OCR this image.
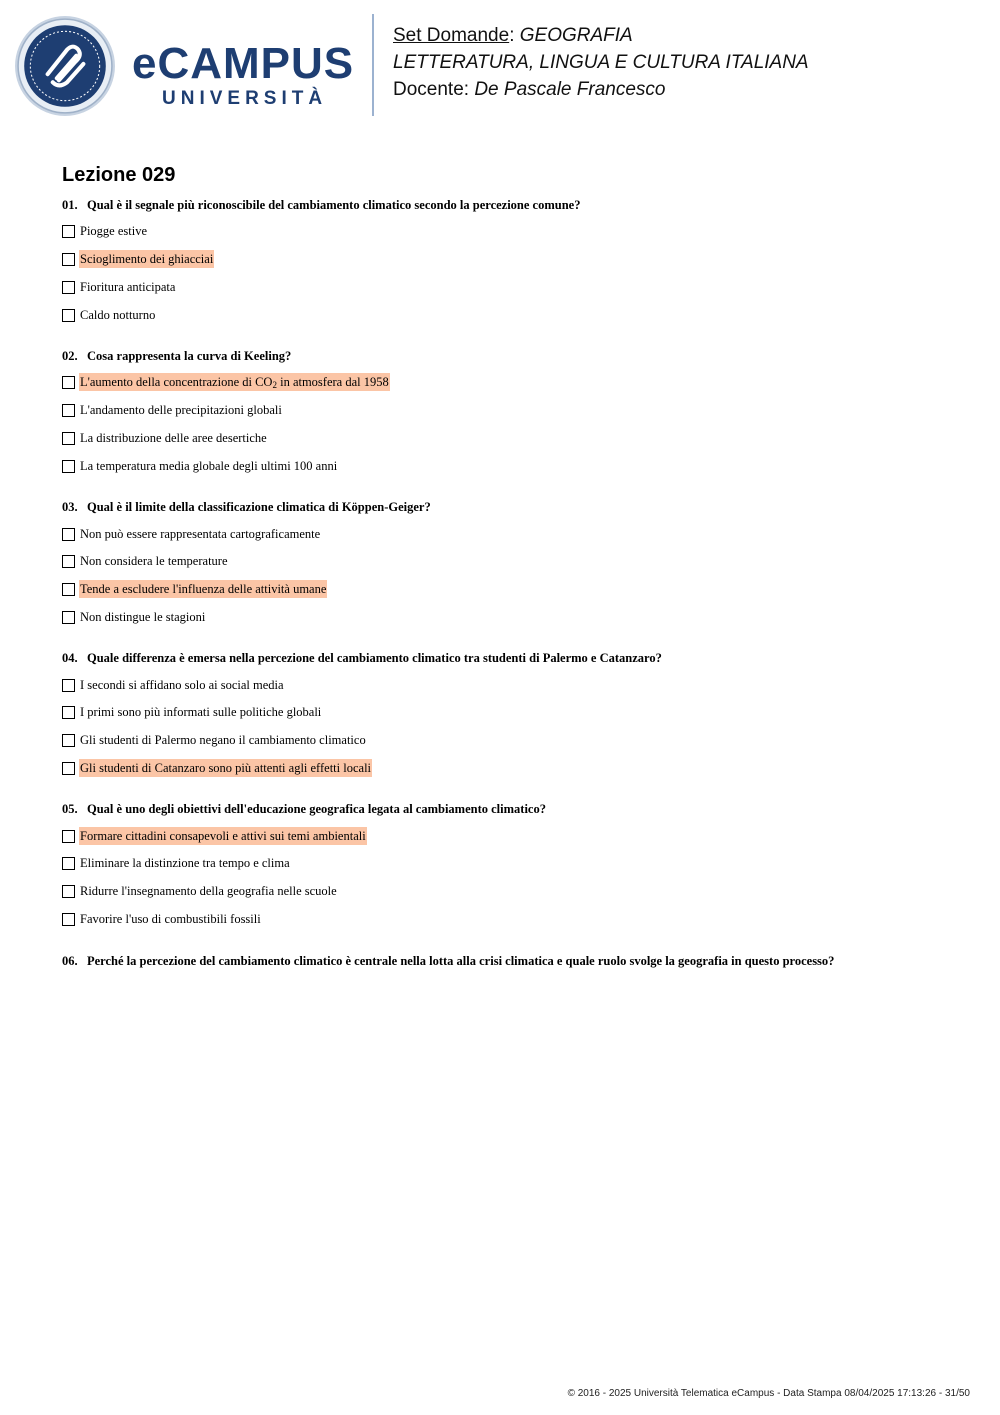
eCAMPUS
UNIVERSITÀ
Set Domande: GEOGRAFIA
LETTERATURA, LINGUA E CULTURA ITALIANA
Docente: De Pascale Francesco
Lezione 029
01. Qual è il segnale più riconoscibile del cambiamento climatico secondo la percezione comune?
Piogge estive
Scioglimento dei ghiacciai
Fioritura anticipata
Caldo notturno
02. Cosa rappresenta la curva di Keeling?
L'aumento della concentrazione di $CO_2$ in atmosfera dal 1958
L'andamento delle precipitazioni globali
La distribuzione delle aree desertiche
La temperatura media globale degli ultimi 100 anni
03. Qual è il limite della classificazione climatica di Köppen-Geiger?
Non può essere rappresentata cartograficamente
Non considera le temperature
Tende a escludere l'influenza delle attività umane
Non distingue le stagioni
04. Quale differenza è emersa nella percezione del cambiamento climatico tra studenti di Palermo e Catanzaro?
I secondi si affidano solo ai social media
I primi sono più informati sulle politiche globali
Gli studenti di Palermo negano il cambiamento climatico
Gli studenti di Catanzaro sono più attenti agli effetti locali
05. Qual è uno degli obiettivi dell'educazione geografica legata al cambiamento climatico?
Formare cittadini consapevoli e attivi sui temi ambientali
Eliminare la distinzione tra tempo e clima
Ridurre l'insegnamento della geografia nelle scuole
Favorire l'uso di combustibili fossili
06. Perché la percezione del cambiamento climatico è centrale nella lotta alla crisi climatica e quale ruolo svolge la geografia in questo processo?
© 2016 - 2025 Università Telematica eCampus - Data Stampa 08/04/2025 17:13:26 - 31/50
